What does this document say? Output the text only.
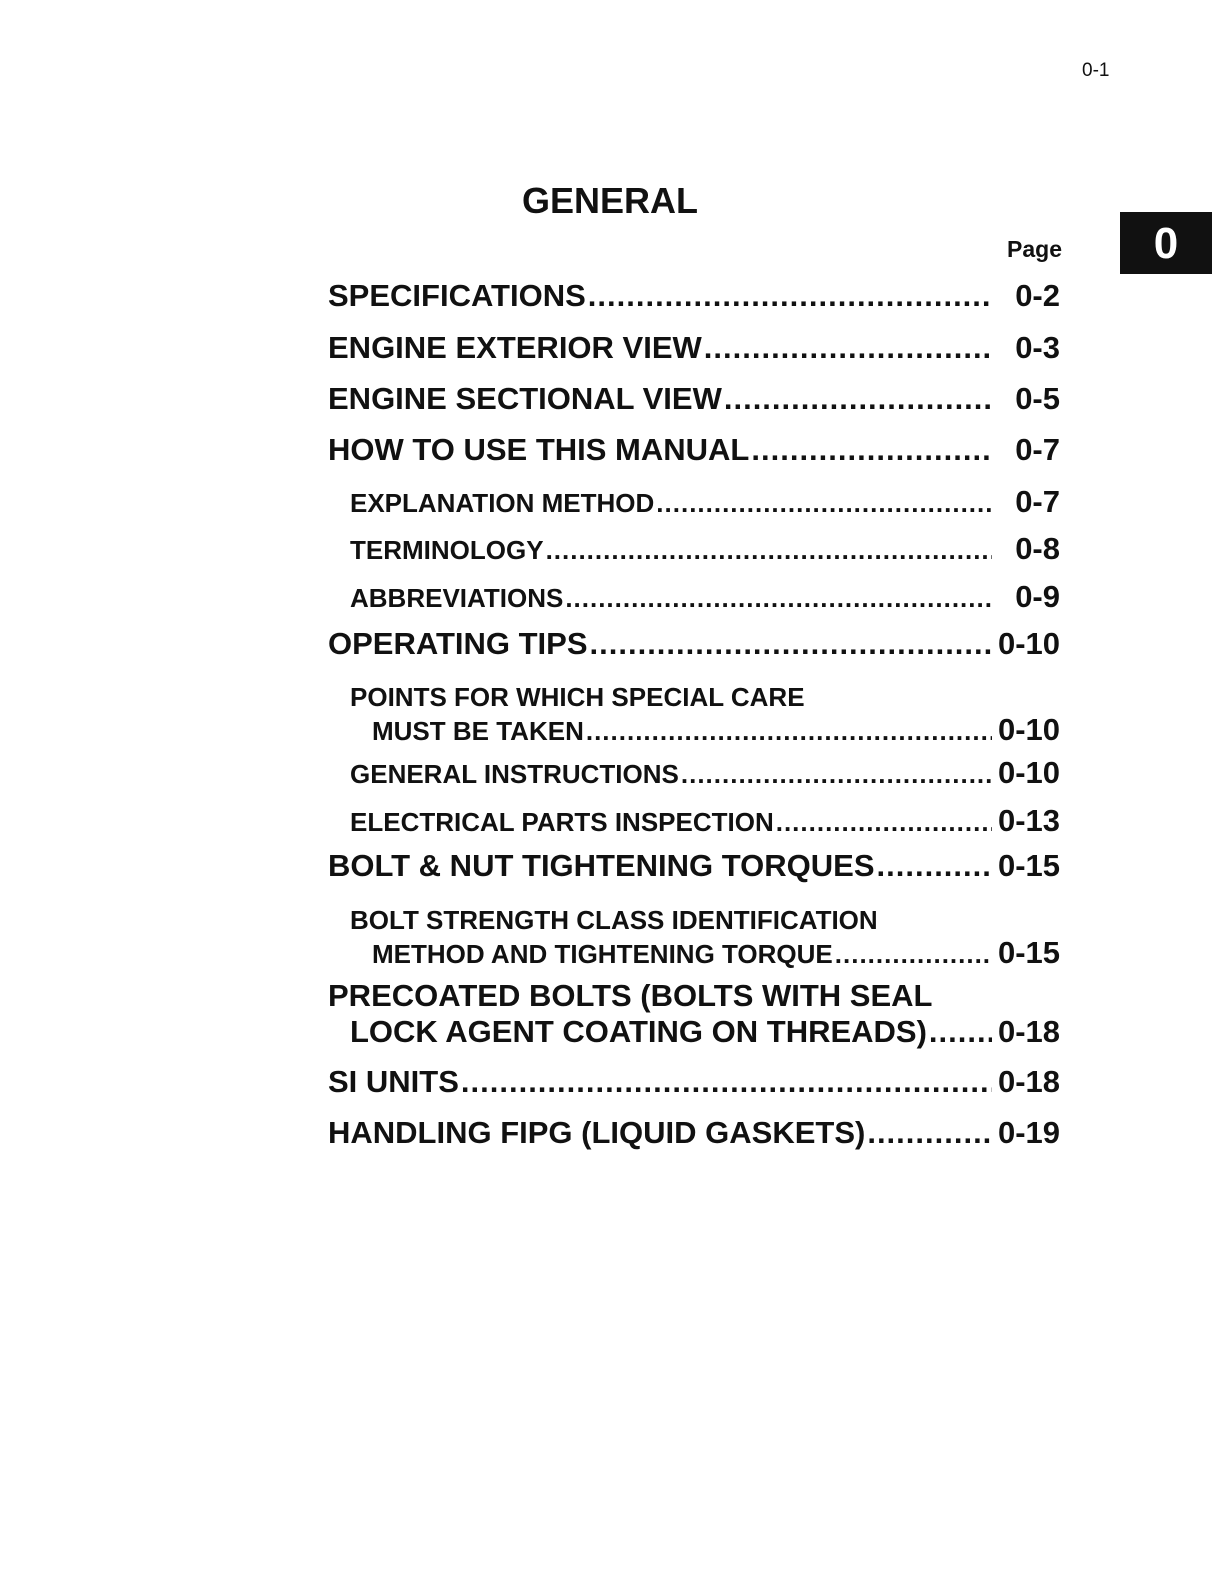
0-1
0
GENERAL
Page
SPECIFICATIONS .....	0-2
ENGINE EXTERIOR VIEW .....	0-3
ENGINE SECTIONAL VIEW .....	0-5
HOW TO USE THIS MANUAL .....	0-7
EXPLANATION METHOD .....	0-7
TERMINOLOGY .....	0-8
ABBREVIATIONS .....	0-9
OPERATING TIPS .....	0-10
POINTS FOR WHICH SPECIAL CARE
MUST BE TAKEN .....	0-10
GENERAL INSTRUCTIONS .....	0-10
ELECTRICAL PARTS INSPECTION .....	0-13
BOLT & NUT TIGHTENING TORQUES .....	0-15
BOLT STRENGTH CLASS IDENTIFICATION
METHOD AND TIGHTENING TORQUE .....	0-15
PRECOATED BOLTS (BOLTS WITH SEAL
LOCK AGENT COATING ON THREADS) ..... 0-18
SI UNITS .....	0-18
HANDLING FIPG (LIQUID GASKETS) .....	0-19
